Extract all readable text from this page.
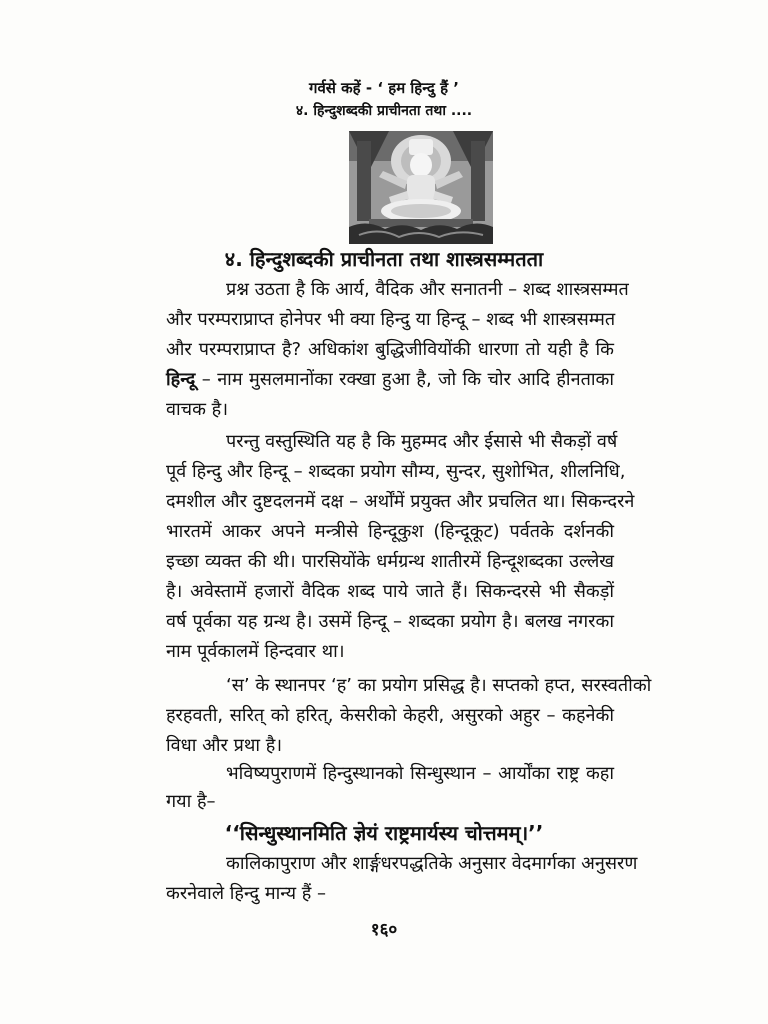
गर्वसे कहें - ‘ हम हिन्दु हैं ’
४. हिन्दुशब्दकी प्राचीनता तथा ....
४. हिन्दुशब्दकी प्राचीनता तथा शास्त्रसम्मतता
प्रश्न उठता है कि आर्य, वैदिक और सनातनी – शब्द शास्त्रसम्मत
और परम्पराप्राप्त होनेपर भी क्या हिन्दु या हिन्दू – शब्द भी शास्त्रसम्मत
और परम्पराप्राप्त है? अधिकांश बुद्धिजीवियोंकी धारणा तो यही है कि
हिन्दू – नाम मुसलमानोंका रक्खा हुआ है, जो कि चोर आदि हीनताका
वाचक है।
परन्तु वस्तुस्थिति यह है कि मुहम्मद और ईसासे भी सैकड़ों वर्ष
पूर्व हिन्दु और हिन्दू – शब्दका प्रयोग सौम्य, सुन्दर, सुशोभित, शीलनिधि,
दमशील और दुष्टदलनमें दक्ष – अर्थोंमें प्रयुक्त और प्रचलित था। सिकन्दरने
भारतमें आकर अपने मन्त्रीसे हिन्दूकुश (हिन्दूकूट) पर्वतके दर्शनकी
इच्छा व्यक्त की थी। पारसियोंके धर्मग्रन्थ शातीरमें हिन्दूशब्दका उल्लेख
है। अवेस्तामें हजारों वैदिक शब्द पाये जाते हैं। सिकन्दरसे भी सैकड़ों
वर्ष पूर्वका यह ग्रन्थ है। उसमें हिन्दू – शब्दका प्रयोग है। बलख नगरका
नाम पूर्वकालमें हिन्दवार था।
‘स’ के स्थानपर ‘ह’ का प्रयोग प्रसिद्ध है। सप्तको हप्त, सरस्वतीको
हरहवती, सरित् को हरित्, केसरीको केहरी, असुरको अहुर – कहनेकी
विधा और प्रथा है।
भविष्यपुराणमें हिन्दुस्थानको सिन्धुस्थान – आर्योंका राष्ट्र कहा
गया है–
‘‘सिन्धुस्थानमिति ज्ञेयं राष्ट्रमार्यस्य चोत्तमम्।’’
कालिकापुराण और शार्ङ्गधरपद्धतिके अनुसार वेदमार्गका अनुसरण
करनेवाले हिन्दु मान्य हैं –
१६०
